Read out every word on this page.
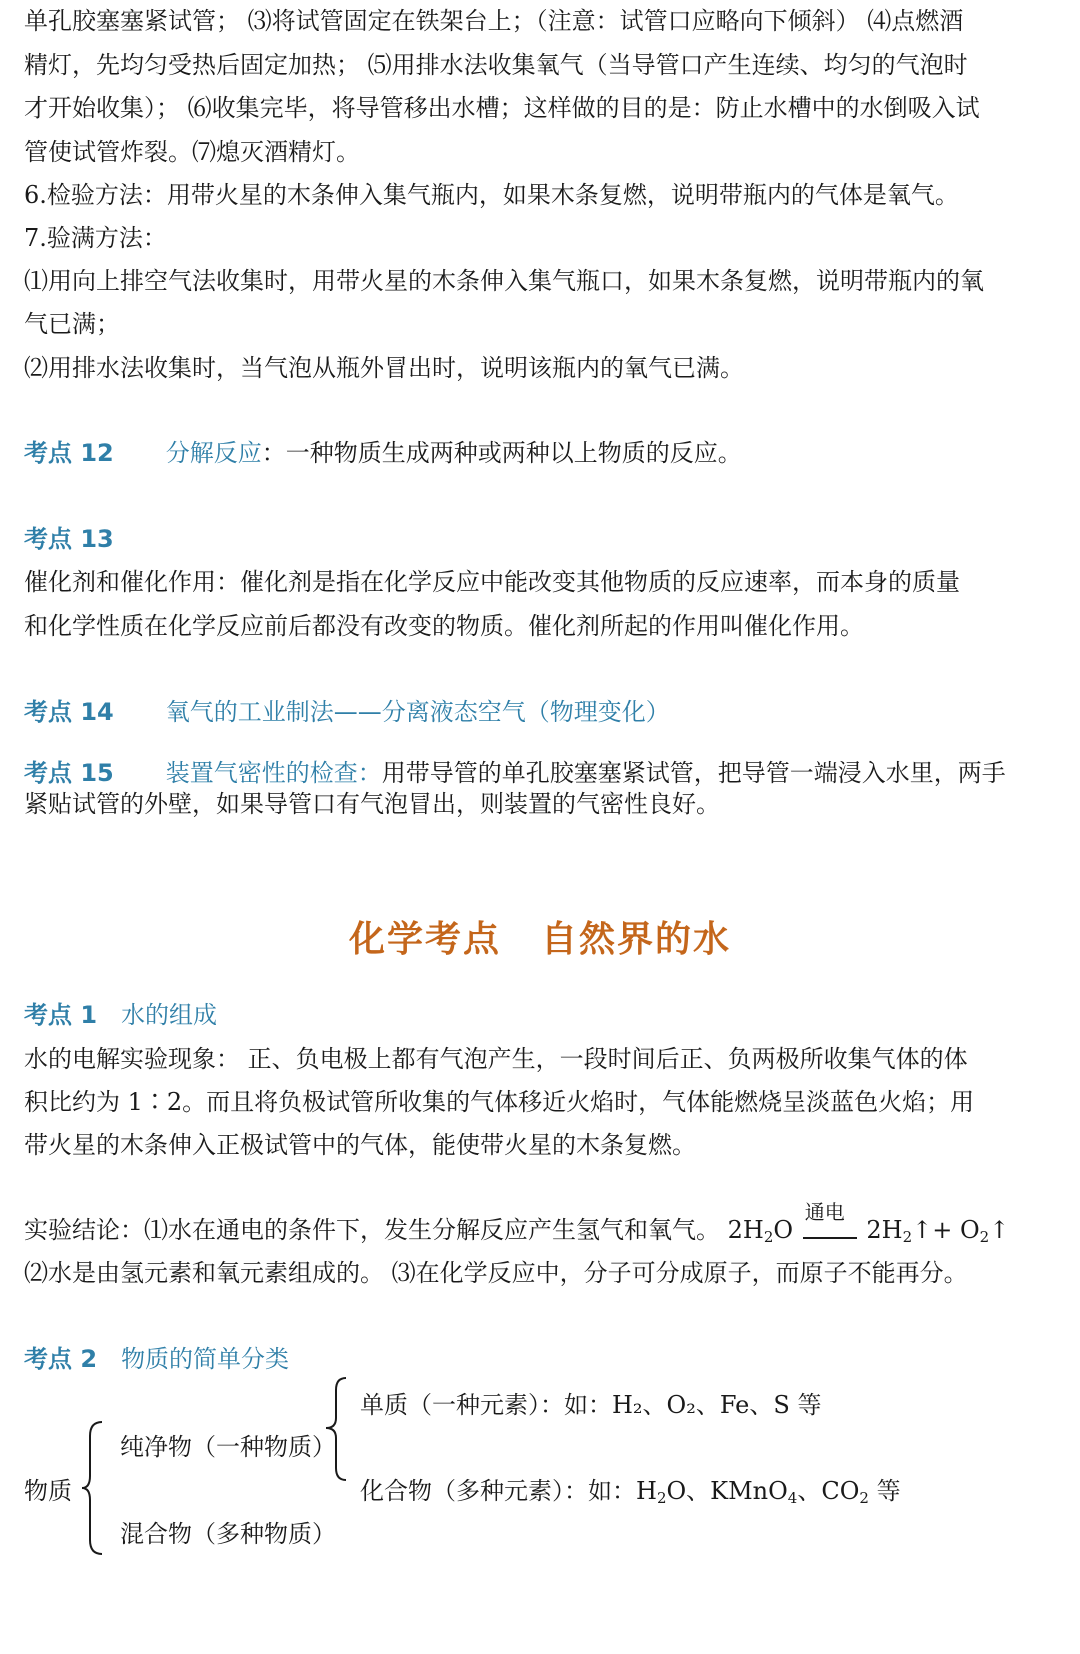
单孔胶塞塞紧试管； ⑶将试管固定在铁架台上；（注意：试管口应略向下倾斜） ⑷点燃酒
精灯，先均匀受热后固定加热； ⑸用排水法收集氧气（当导管口产生连续、均匀的气泡时
才开始收集）； ⑹收集完毕，将导管移出水槽；这样做的目的是：防止水槽中的水倒吸入试
管使试管炸裂。⑺熄灭酒精灯。
6.检验方法：用带火星的木条伸入集气瓶内，如果木条复燃，说明带瓶内的气体是氧气。
7.验满方法：
⑴用向上排空气法收集时，用带火星的木条伸入集气瓶口，如果木条复燃，说明带瓶内的氧
气已满；
⑵用排水法收集时，当气泡从瓶外冒出时，说明该瓶内的氧气已满。
考点 12 分解反应：一种物质生成两种或两种以上物质的反应。
考点 13
催化剂和催化作用：催化剂是指在化学反应中能改变其他物质的反应速率，而本身的质量
和化学性质在化学反应前后都没有改变的物质。催化剂所起的作用叫催化作用。
考点 14 氧气的工业制法——分离液态空气（物理变化）
考点 15 装置气密性的检查：用带导管的单孔胶塞塞紧试管，把导管一端浸入水里，两手
紧贴试管的外壁，如果导管口有气泡冒出，则装置的气密性良好。
化学考点 自然界的水
考点 1 水的组成
水的电解实验现象： 正、负电极上都有气泡产生，一段时间后正、负两极所收集气体的体
积比约为 1∶2。而且将负极试管所收集的气体移近火焰时，气体能燃烧呈淡蓝色火焰；用
带火星的木条伸入正极试管中的气体，能使带火星的木条复燃。
实验结论：⑴水在通电的条件下，发生分解反应产生氢气和氧气。 $2H_2O$
通电
$2H_2↑+$ $O_2↑$
⑵水是由氢元素和氧元素组成的。 ⑶在化学反应中，分子可分成原子，而原子不能再分。
考点 2 物质的简单分类
物质
纯净物（一种物质）
混合物（多种物质）
单质（一种元素）：如：H₂、O₂、Fe、S 等
化合物（多种元素）：如：$H_2O$、KMnO$_4$、$CO_2$ 等
